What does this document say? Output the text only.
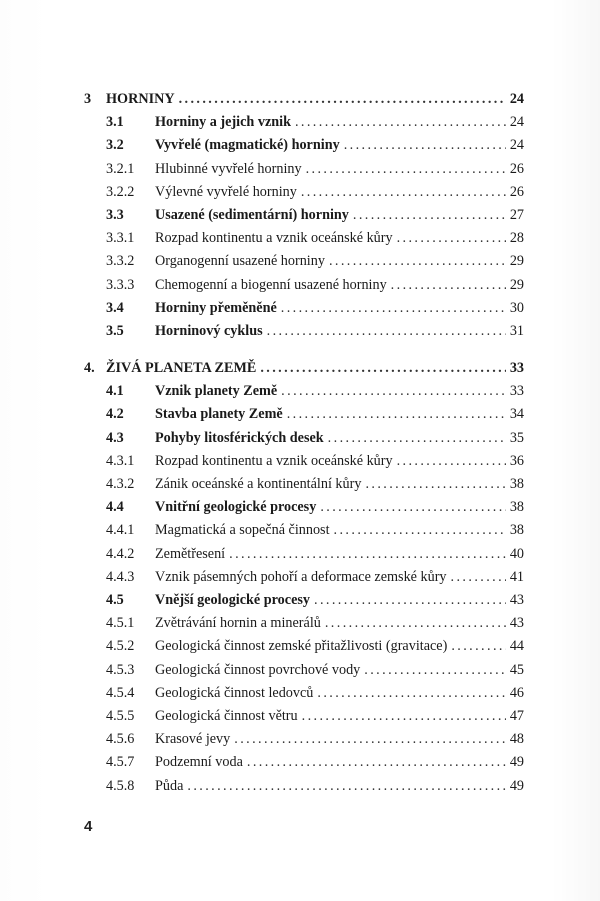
3 HORNINY .....	24
3.1 Horniny a jejich vznik .....	24
3.2 Vyvřelé (magmatické) horniny .....	24
3.2.1 Hlubinné vyvřelé horniny .....	26
3.2.2 Výlevné vyvřelé horniny .....	26
3.3 Usazené (sedimentární) horniny .....	27
3.3.1 Rozpad kontinentu a vznik oceánské kůry .....	28
3.3.2 Organogenní usazené horniny .....	29
3.3.3 Chemogenní a biogenní usazené horniny .....	29
3.4 Horniny přeměněné .....	30
3.5 Horninový cyklus .....	31
4. ŽIVÁ PLANETA ZEMĚ .....	33
4.1 Vznik planety Země .....	33
4.2 Stavba planety Země .....	34
4.3 Pohyby litosférických desek .....	35
4.3.1 Rozpad kontinentu a vznik oceánské kůry .....	36
4.3.2 Zánik oceánské a kontinentální kůry .....	38
4.4 Vnitřní geologické procesy .....	38
4.4.1 Magmatická a sopečná činnost .....	38
4.4.2 Zemětřesení .....	40
4.4.3 Vznik pásemných pohoří a deformace zemské kůry .....	41
4.5 Vnější geologické procesy .....	43
4.5.1 Zvětrávání hornin a minerálů .....	43
4.5.2 Geologická činnost zemské přitažlivosti (gravitace) .....	44
4.5.3 Geologická činnost povrchové vody .....	45
4.5.4 Geologická činnost ledovců .....	46
4.5.5 Geologická činnost větru .....	47
4.5.6 Krasové jevy .....	48
4.5.7 Podzemní voda .....	49
4.5.8 Půda .....	49
4
